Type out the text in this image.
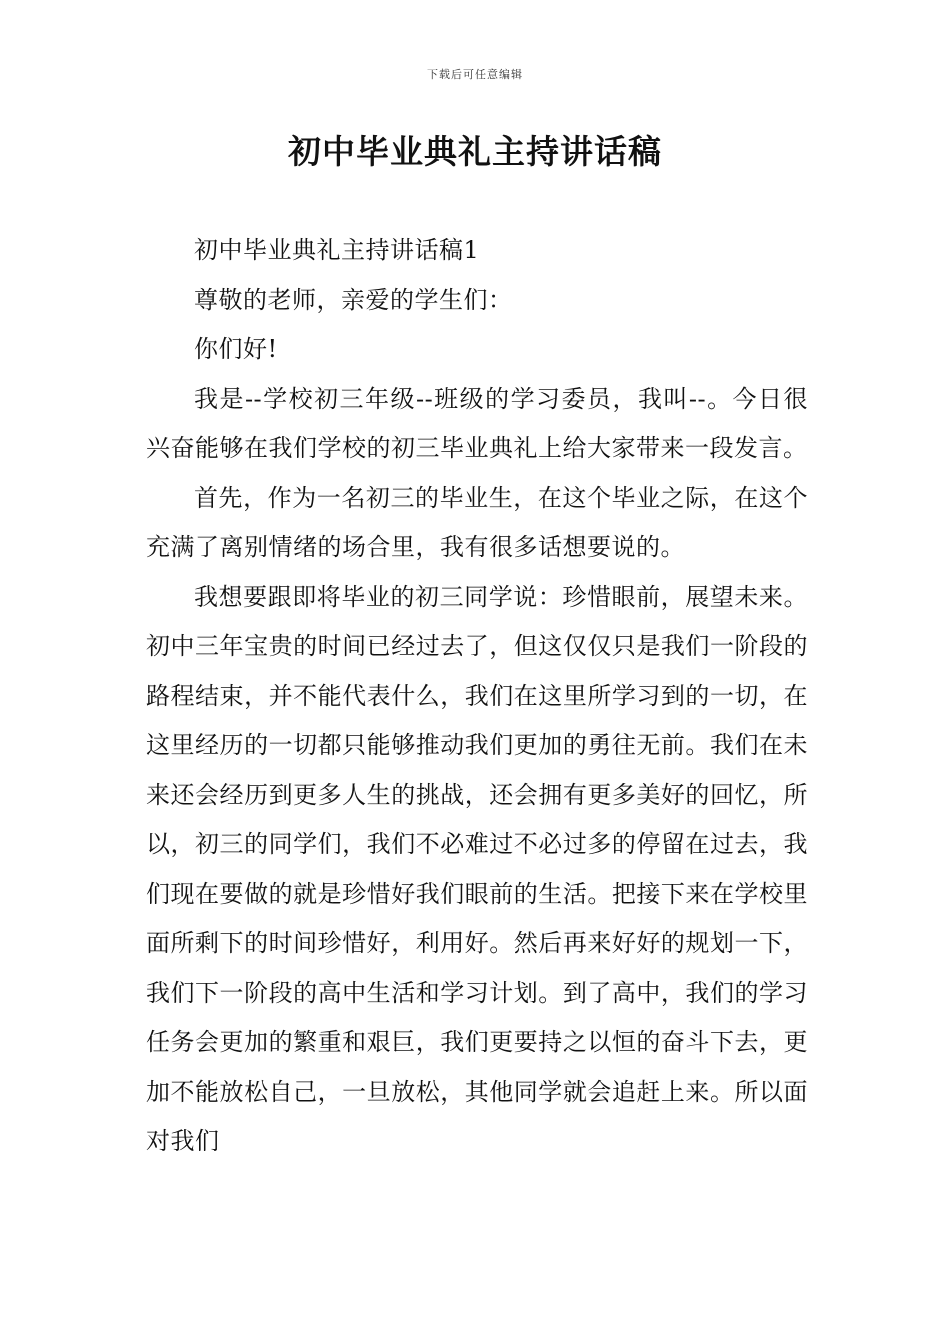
下载后可任意编辑
初中毕业典礼主持讲话稿

初中毕业典礼主持讲话稿1

尊敬的老师，亲爱的学生们：

你们好!

我是--学校初三年级--班级的学习委员，我叫--。今日很兴奋能够在我们学校的初三毕业典礼上给大家带来一段发言。

首先，作为一名初三的毕业生，在这个毕业之际，在这个充满了离别情绪的场合里，我有很多话想要说的。

我想要跟即将毕业的初三同学说：珍惜眼前，展望未来。初中三年宝贵的时间已经过去了，但这仅仅只是我们一阶段的路程结束，并不能代表什么，我们在这里所学习到的一切，在这里经历的一切都只能够推动我们更加的勇往无前。我们在未来还会经历到更多人生的挑战，还会拥有更多美好的回忆，所以，初三的同学们，我们不必难过不必过多的停留在过去，我们现在要做的就是珍惜好我们眼前的生活。把接下来在学校里面所剩下的时间珍惜好，利用好。然后再来好好的规划一下，我们下一阶段的高中生活和学习计划。到了高中，我们的学习任务会更加的繁重和艰巨，我们更要持之以恒的奋斗下去，更加不能放松自己，一旦放松，其他同学就会追赶上来。所以面对我们
